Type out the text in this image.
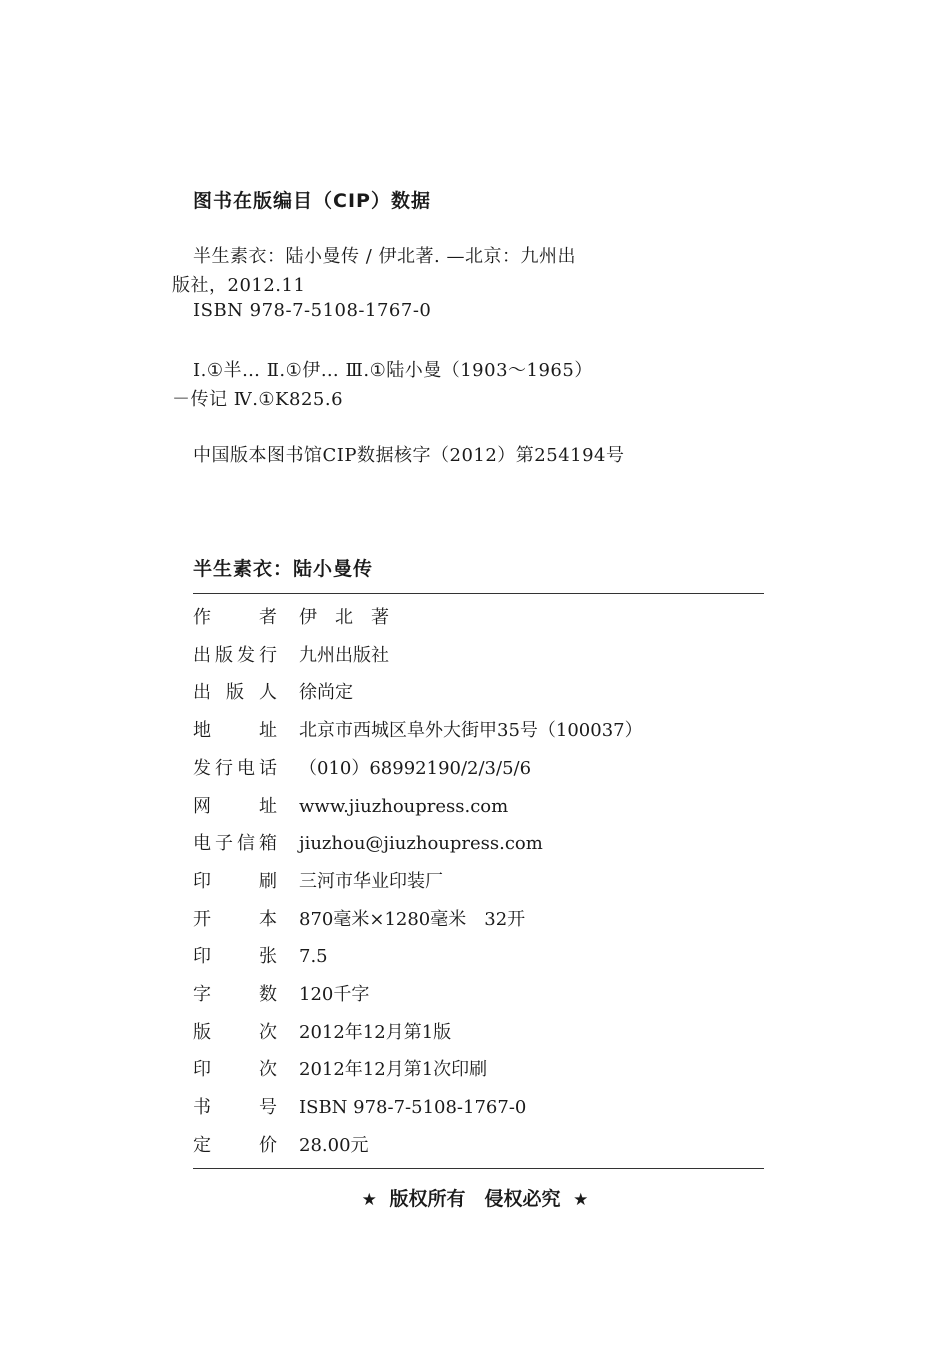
图书在版编目（CIP）数据
半生素衣：陆小曼传 / 伊北著. —北京：九州出
版社，2012.11
ISBN 978-7-5108-1767-0
Ⅰ.①半… Ⅱ.①伊… Ⅲ.①陆小曼（1903～1965）
－传记 Ⅳ.①K825.6
中国版本图书馆CIP数据核字（2012）第254194号
半生素衣：陆小曼传
作者 伊　北　著
出版发行 九州出版社
出版人 徐尚定
地址 北京市西城区阜外大街甲35号（100037）
发行电话 （010）68992190/2/3/5/6
网址 www.jiuzhoupress.com
电子信箱 jiuzhou@jiuzhoupress.com
印刷 三河市华业印装厂
开本 870毫米×1280毫米　32开
印张 7.5
字数 120千字
版次 2012年12月第1版
印次 2012年12月第1次印刷
书号 ISBN 978-7-5108-1767-0
定价 28.00元
★ 版权所有　侵权必究 ★
